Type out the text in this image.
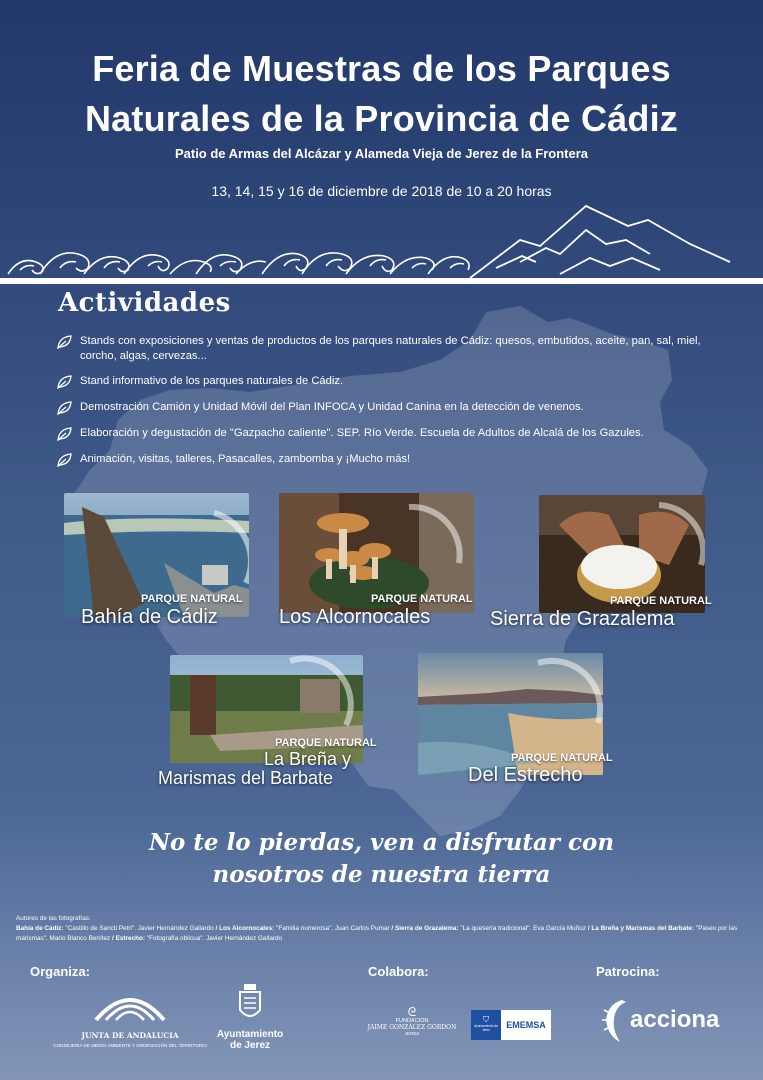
Feria de Muestras de los Parques
Naturales de la Provincia de Cádiz
Patio de Armas del Alcázar y Alameda Vieja de Jerez de la Frontera
13, 14, 15 y 16 de diciembre de 2018 de 10 a 20 horas
Actividades
Stands con exposiciones y ventas de productos de los parques naturales de Cádiz: quesos, embutidos, aceite, pan, sal, miel, corcho, algas, cervezas...
Stand informativo de los parques naturales de Cádiz.
Demostración Camión y Unidad Móvil del Plan INFOCA y Unidad Canina en la detección de venenos.
Elaboración y degustación de "Gazpacho caliente". SEP. Río Verde. Escuela de Adultos de Alcalá de los Gazules.
Animación, visitas, talleres, Pasacalles, zambomba y ¡Mucho más!
PARQUE NATURAL
Bahía de Cádiz
PARQUE NATURAL
Los Alcornocales
PARQUE NATURAL
Sierra de Grazalema
PARQUE NATURAL
La Breña y
Marismas del Barbate
PARQUE NATURAL
Del Estrecho
No te lo pierdas, ven a disfrutar con
nosotros de nuestra tierra
Autores de las fotografías:
Bahía de Cádiz: "Castillo de Sancti Petri". Javier Hernández Gallardo / Los Alcornocales: "Familia numerosa". Juan Carlos Pumar / Sierra de Grazalema: "La quesería tradicional". Eva García Muñoz / La Breña y Marismas del Barbate: "Paseo por las marismas". Mario Blanco Benítez / Estrecho: "Fotografía oblicua". Javier Hernández Gallardo
Organiza:	Colabora:	Patrocina:
JUNTA DE ANDALUCIA
CONSEJERÍA DE MEDIO AMBIENTE Y ORDENACIÓN DEL TERRITORIO
Ayuntamiento
de Jerez
ᘓ
FUNDACIÓN
JAIME GONZÁLEZ GORDON
JEREZ
⛉
Ayuntamiento de Jerez	EMEMSA	acciona
